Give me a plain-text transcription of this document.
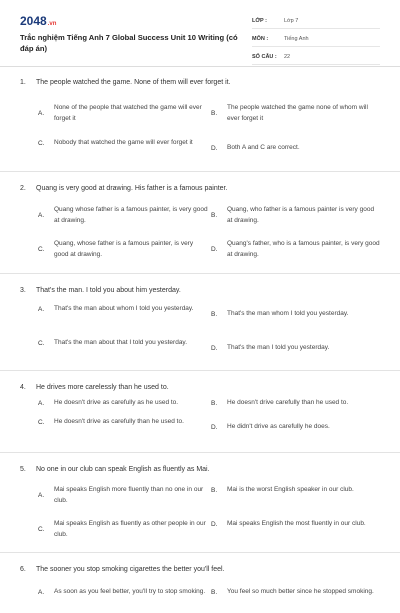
2048.vn
Trắc nghiệm Tiếng Anh 7 Global Success Unit 10 Writing (có đáp án)
LỚP :	Lớp 7
MÔN :	Tiếng Anh
SỐ CÂU :	22
1. The people watched the game. None of them will ever forget it.
A.
None of the people that watched the game will ever forget it
B.
The people watched the game none of whom will ever forget it
C.	Nobody that watched the game will ever forget it
D.	Both A and C are correct.
2. Quang is very good at drawing. His father is a famous painter.
A.
Quang whose father is a famous painter, is very good at drawing.
B.
Quang, who father is a famous painter is very good at drawing.
C.
Quang, whose father is a famous painter, is very good at drawing.
D.
Quang's father, who is a famous painter, is very good at drawing.
3. That's the man. I told you about him yesterday.
A.	That's the man about whom I told you yesterday.
B.	That's the man whom I told you yesterday.
C.	That's the man about that I told you yesterday.
D.	That's the man I told you yesterday.
4. He drives more carelessly than he used to.
A.	He doesn't drive as carefully as he used to.	B.	He doesn't drive carefully than he used to.
C.	He doesn't drive as carefully than he used to.
D.	He didn't drive as carefully he does.
5. No one in our club can speak English as fluently as Mai.
A.
Mai speaks English more fluently than no one in our club.
B.	Mai is the worst English speaker in our club.
C.
Mai speaks English as fluently as other people in our club.
D.	Mai speaks English the most fluently in our club.
6. The sooner you stop smoking cigarettes the better you'll feel.
A.	As soon as you feel better, you'll try to stop smoking. B.	You feel so much better since he stopped smoking.
